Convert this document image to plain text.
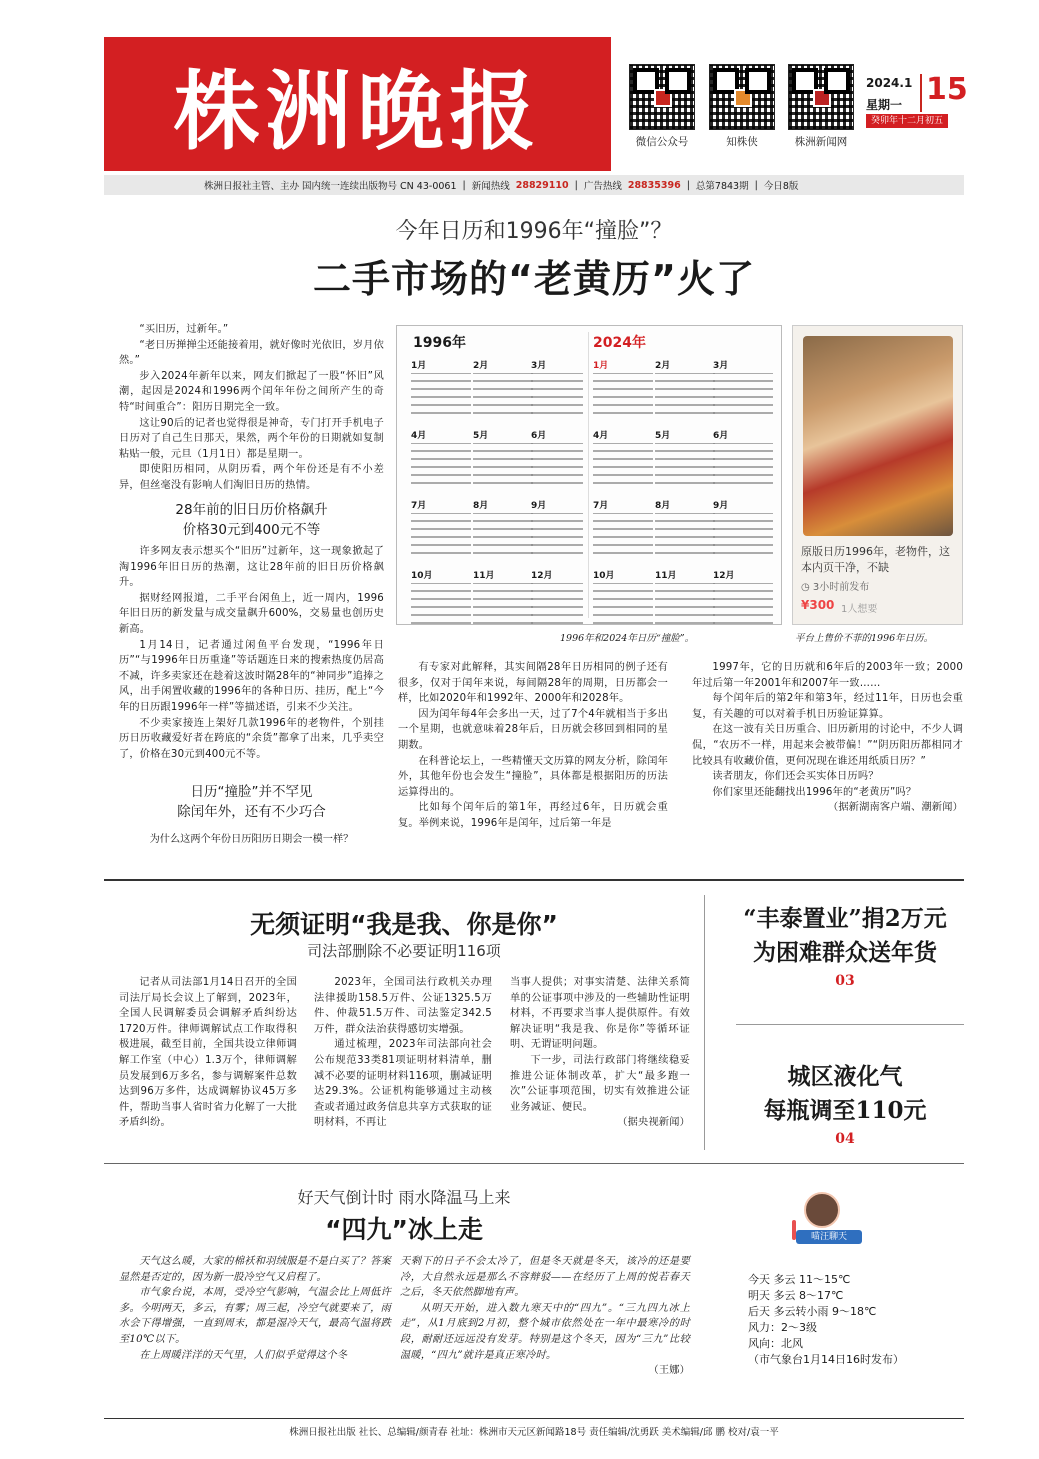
株洲晚报	微信公众号	知株侠	株洲新闻网
2024.1
星期一
癸卯年十二月初五
15
株洲日报社主管、主办 国内统一连续出版物号 CN 43-0061 | 新闻热线 28829110 | 广告热线 28835396 | 总第7843期 | 今日8版
今年日历和1996年“撞脸”？
二手市场的“老黄历”火了

“买旧历，过新年。”

“老日历掸掸尘还能接着用，就好像时光依旧，岁月依然。”

步入2024年新年以来，网友们掀起了一股“怀旧”风潮，起因是2024和1996两个闰年年份之间所产生的奇特“时间重合”：阳历日期完全一致。

这让90后的记者也觉得很是神奇，专门打开手机电子日历对了自己生日那天，果然，两个年份的日期就如复制粘贴一般，元旦（1月1日）都是星期一。

即使阳历相同，从阴历看，两个年份还是有不小差异，但丝毫没有影响人们淘旧日历的热情。

28年前的旧日历价格飙升
价格30元到400元不等

许多网友表示想买个“旧历”过新年，这一现象掀起了淘1996年旧日历的热潮，这让28年前的旧日历价格飙升。

据财经网报道，二手平台闲鱼上，近一周内，1996年旧日历的新发量与成交量飙升600%，交易量也创历史新高。

1月14日，记者通过闲鱼平台发现，“1996年日历”“与1996年日历重逢”等话题连日来的搜索热度仍居高不减，许多卖家还在趁着这波时隔28年的“神同步”追捧之风，出手闲置收藏的1996年的各种日历、挂历，配上“今年的日历跟1996年一样”等描述语，引来不少关注。

不少卖家接连上架好几款1996年的老物件，个别挂历日历收藏爱好者在跨底的“余货”都拿了出来，几乎卖空了，价格在30元到400元不等。

日历“撞脸”并不罕见
除闰年外，还有不少巧合
为什么这两个年份日历阳历日期会一模一样？
1996年	2024年
1月	2月	3月
4月	5月	6月
7月	8月	9月
10月	11月	12月
1月	2月	3月
4月	5月	6月
7月	8月	9月
10月	11月	12月
原版日历1996年，老物件，这本内页干净，不缺
◷ 3小时前发布
¥300 1人想要
1996年和2024年日历“撞脸”。	平台上售价不菲的1996年日历。

有专家对此解释，其实间隔28年日历相同的例子还有很多，仅对于闰年来说，每间隔28年的周期，日历都会一样，比如2020年和1992年、2000年和2028年。

因为闰年每4年会多出一天，过了7个4年就相当于多出一个星期，也就意味着28年后，日历就会移回到相同的星期数。

在科普论坛上，一些精懂天文历算的网友分析，除闰年外，其他年份也会发生“撞脸”，具体都是根据阳历的历法运算得出的。

比如每个闰年后的第1年，再经过6年，日历就会重复。举例来说，1996年是闰年，过后第一年是

1997年，它的日历就和6年后的2003年一致；2000年过后第一年2001年和2007年一致……

每个闰年后的第2年和第3年，经过11年，日历也会重复，有关趣的可以对着手机日历验证算算。

在这一波有关日历重合、旧历新用的讨论中，不少人调侃，“农历不一样，用起来会被带偏！”“阴历阳历都相同才比较具有收藏价值，更何况现在谁还用纸质日历？”

读者朋友，你们还会买实体日历吗？

你们家里还能翻找出1996年的“老黄历”吗？

（据新湖南客户端、潮新闻）

无须证明“我是我、你是你”
司法部删除不必要证明116项

记者从司法部1月14日召开的全国司法厅局长会议上了解到，2023年，全国人民调解委员会调解矛盾纠纷达1720万件。律师调解试点工作取得积极进展，截至目前，全国共设立律师调解工作室（中心）1.3万个，律师调解员发展到6万多名，参与调解案件总数达到96万多件，达成调解协议45万多件，帮助当事人省时省力化解了一大批矛盾纠纷。

2023年，全国司法行政机关办理法律援助158.5万件、公证1325.5万件、仲裁51.5万件、司法鉴定342.5万件，群众法治获得感切实增强。

通过梳理，2023年司法部向社会公布规范33类81项证明材料清单，删减不必要的证明材料116项，删减证明达29.3%。公证机构能够通过主动核查或者通过政务信息共享方式获取的证明材料，不再让

当事人提供；对事实清楚、法律关系简单的公证事项中涉及的一些辅助性证明材料，不再要求当事人提供原件。有效解决证明“我是我、你是你”等循环证明、无谓证明问题。

下一步，司法行政部门将继续稳妥推进公证体制改革，扩大“最多跑一次”公证事项范围，切实有效推进公证业务减证、便民。

（据央视新闻）

“丰泰置业”捐2万元
为困难群众送年货
03
城区液化气
每瓶调至110元
04
好天气倒计时 雨水降温马上来
“四九”冰上走

天气这么暖，大家的棉袄和羽绒服是不是白买了？答案显然是否定的，因为新一股冷空气又启程了。

市气象台说，本周，受冷空气影响，气温会比上周低许多。今明两天，多云，有雾；周三起，冷空气就要来了，雨水会下得增强，一直到周末，都是湿冷天气，最高气温将跌至10℃以下。

在上周暖洋洋的天气里，人们似乎觉得这个冬

天剩下的日子不会太冷了，但是冬天就是冬天，该冷的还是要冷，大自然永远是那么不容辩驳——在经历了上周的悦若春天之后，冬天依然脚地有声。

从明天开始，进入数九寒天中的“四九”。“三九四九冰上走”，从1月底到2月初，整个城市依然处在一年中最寒冷的时段，耐耐还远远没有发芽。特别是这个冬天，因为“三九”比较温暖，“四九”就许是真正寒冷时。

（王娜）

喵汪聊天

今天 多云 11～15℃

明天 多云 8～17℃

后天 多云转小雨 9～18℃

风力：2～3级

风向：北风

（市气象台1月14日16时发布）

株洲日报社出版 社长、总编辑/颜青春 社址：株洲市天元区新闻路18号 责任编辑/沈勇跃 美术编辑/邱 鹏 校对/袁一平
